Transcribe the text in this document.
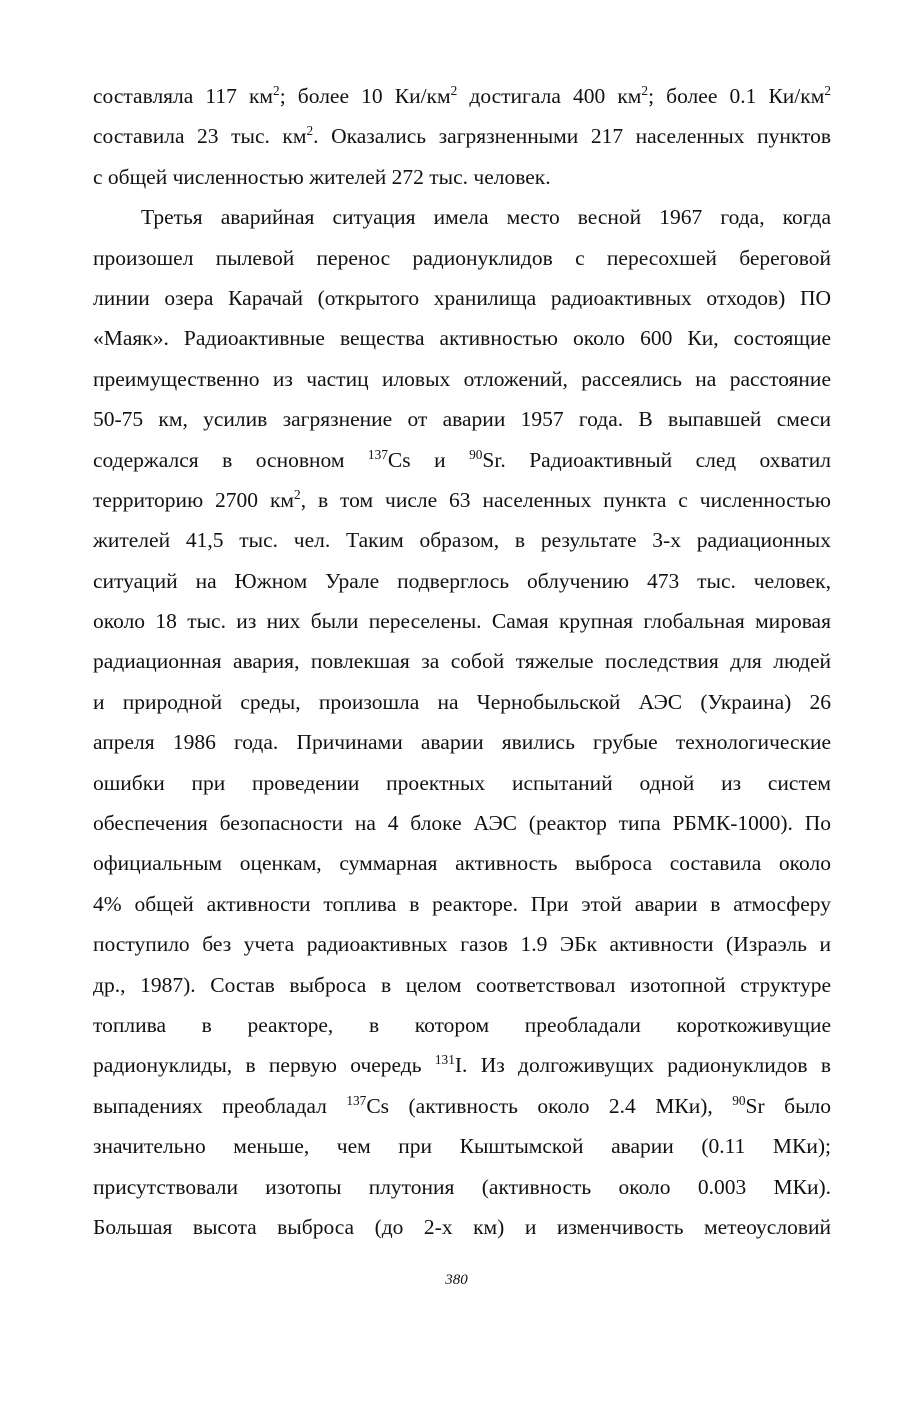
составляла 117 $км^2$; более 10 $Ки/км^2$ достигала 400 $км^2$; более 0.1 $Ки/км^2$
составила 23 тыс. $км^2$. Оказались загрязненными 217 населенных пунктов
с общей численностью жителей 272 тыс. человек.
Третья аварийная ситуация имела место весной 1967 года, когда
произошел пылевой перенос радионуклидов с пересохшей береговой
линии озера Карачай (открытого хранилища радиоактивных отходов) ПО
«Маяк». Радиоактивные вещества активностью около 600 Ки, состоящие
преимущественно из частиц иловых отложений, рассеялись на расстояние
50-75 км, усилив загрязнение от аварии 1957 года. В выпавшей смеси
содержался в основном $^{137}$Cs и $^{90}$Sr. Радиоактивный след охватил
территорию 2700 $км^2$, в том числе 63 населенных пункта с численностью
жителей 41,5 тыс. чел. Таким образом, в результате 3-х радиационных
ситуаций на Южном Урале подверглось облучению 473 тыс. человек,
около 18 тыс. из них были переселены. Самая крупная глобальная мировая
радиационная авария, повлекшая за собой тяжелые последствия для людей
и природной среды, произошла на Чернобыльской АЭС (Украина) 26
апреля 1986 года. Причинами аварии явились грубые технологические
ошибки при проведении проектных испытаний одной из систем
обеспечения безопасности на 4 блоке АЭС (реактор типа РБМК-1000). По
официальным оценкам, суммарная активность выброса составила около
4% общей активности топлива в реакторе. При этой аварии в атмосферу
поступило без учета радиоактивных газов 1.9 ЭБк активности (Израэль и
др., 1987). Состав выброса в целом соответствовал изотопной структуре
топлива в реакторе, в котором преобладали короткоживущие
радионуклиды, в первую очередь $^{131}$I. Из долгоживущих радионуклидов в
выпадениях преобладал $^{137}$Cs (активность около 2.4 МКи), $^{90}$Sr было
значительно меньше, чем при Кыштымской аварии (0.11 МКи);
присутствовали изотопы плутония (активность около 0.003 МКи).
Большая высота выброса (до 2-х км) и изменчивость метеоусловий
380
